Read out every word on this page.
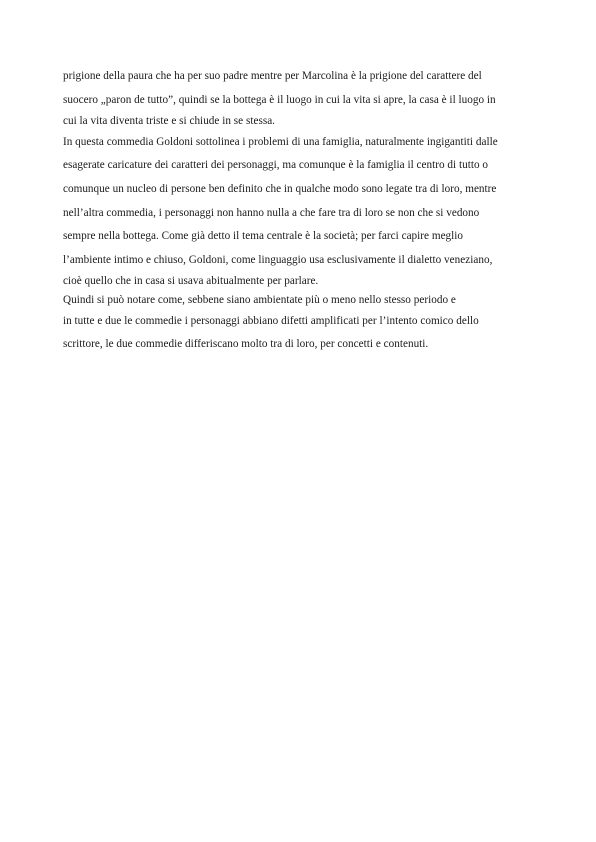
prigione della paura che ha per suo padre mentre per Marcolina è la prigione del carattere del
suocero „paron de tutto”, quindi se la bottega è il luogo in cui la vita si apre, la casa è il luogo in
cui la vita diventa triste e si chiude in se stessa.
In questa commedia Goldoni sottolinea i problemi di una famiglia, naturalmente ingigantiti dalle
esagerate caricature dei caratteri dei personaggi, ma comunque è la famiglia il centro di tutto o
comunque un nucleo di persone ben definito che in qualche modo sono legate tra di loro, mentre
nell’altra commedia, i personaggi non hanno nulla a che fare tra di loro se non che si vedono
sempre nella bottega. Come già detto il tema centrale è la società; per farci capire meglio
l’ambiente intimo e chiuso, Goldoni, come linguaggio usa esclusivamente il dialetto veneziano,
cioè quello che in casa si usava abitualmente per parlare.
Quindi si può notare come, sebbene siano ambientate più o meno nello stesso periodo e
in tutte e due le commedie i personaggi abbiano difetti amplificati per l’intento comico dello
scrittore, le due commedie differiscano molto tra di loro, per concetti e contenuti.
